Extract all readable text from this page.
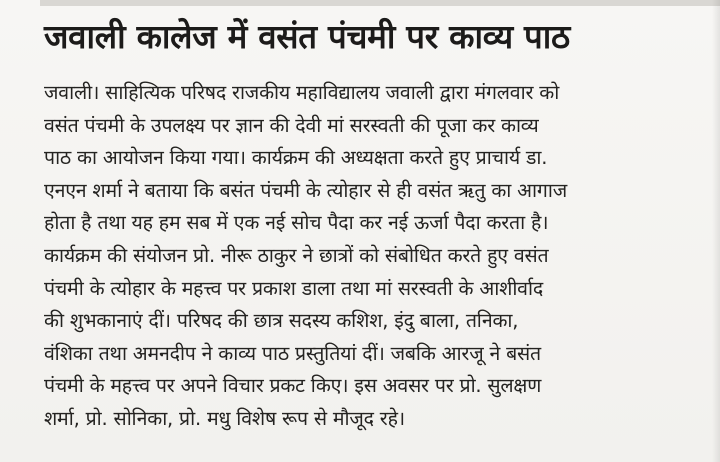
जवाली कालेज में वसंत पंचमी पर काव्य पाठ
जवाली। साहित्यिक परिषद राजकीय महाविद्यालय जवाली द्वारा मंगलवार को
वसंत पंचमी के उपलक्ष्य पर ज्ञान की देवी मां सरस्वती की पूजा कर काव्य
पाठ का आयोजन किया गया। कार्यक्रम की अध्यक्षता करते हुए प्राचार्य डा.
एनएन शर्मा ने बताया कि बसंत पंचमी के त्योहार से ही वसंत ऋतु का आगाज
होता है तथा यह हम सब में एक नई सोच पैदा कर नई ऊर्जा पैदा करता है।
कार्यक्रम की संयोजन प्रो. नीरू ठाकुर ने छात्रों को संबोधित करते हुए वसंत
पंचमी के त्योहार के महत्त्व पर प्रकाश डाला तथा मां सरस्वती के आशीर्वाद
की शुभकानाएं दीं। परिषद की छात्र सदस्य कशिश, इंदु बाला, तनिका,
वंशिका तथा अमनदीप ने काव्य पाठ प्रस्तुतियां दीं। जबकि आरजू ने बसंत
पंचमी के महत्त्व पर अपने विचार प्रकट किए। इस अवसर पर प्रो. सुलक्षण
शर्मा, प्रो. सोनिका, प्रो. मधु विशेष रूप से मौजूद रहे।
